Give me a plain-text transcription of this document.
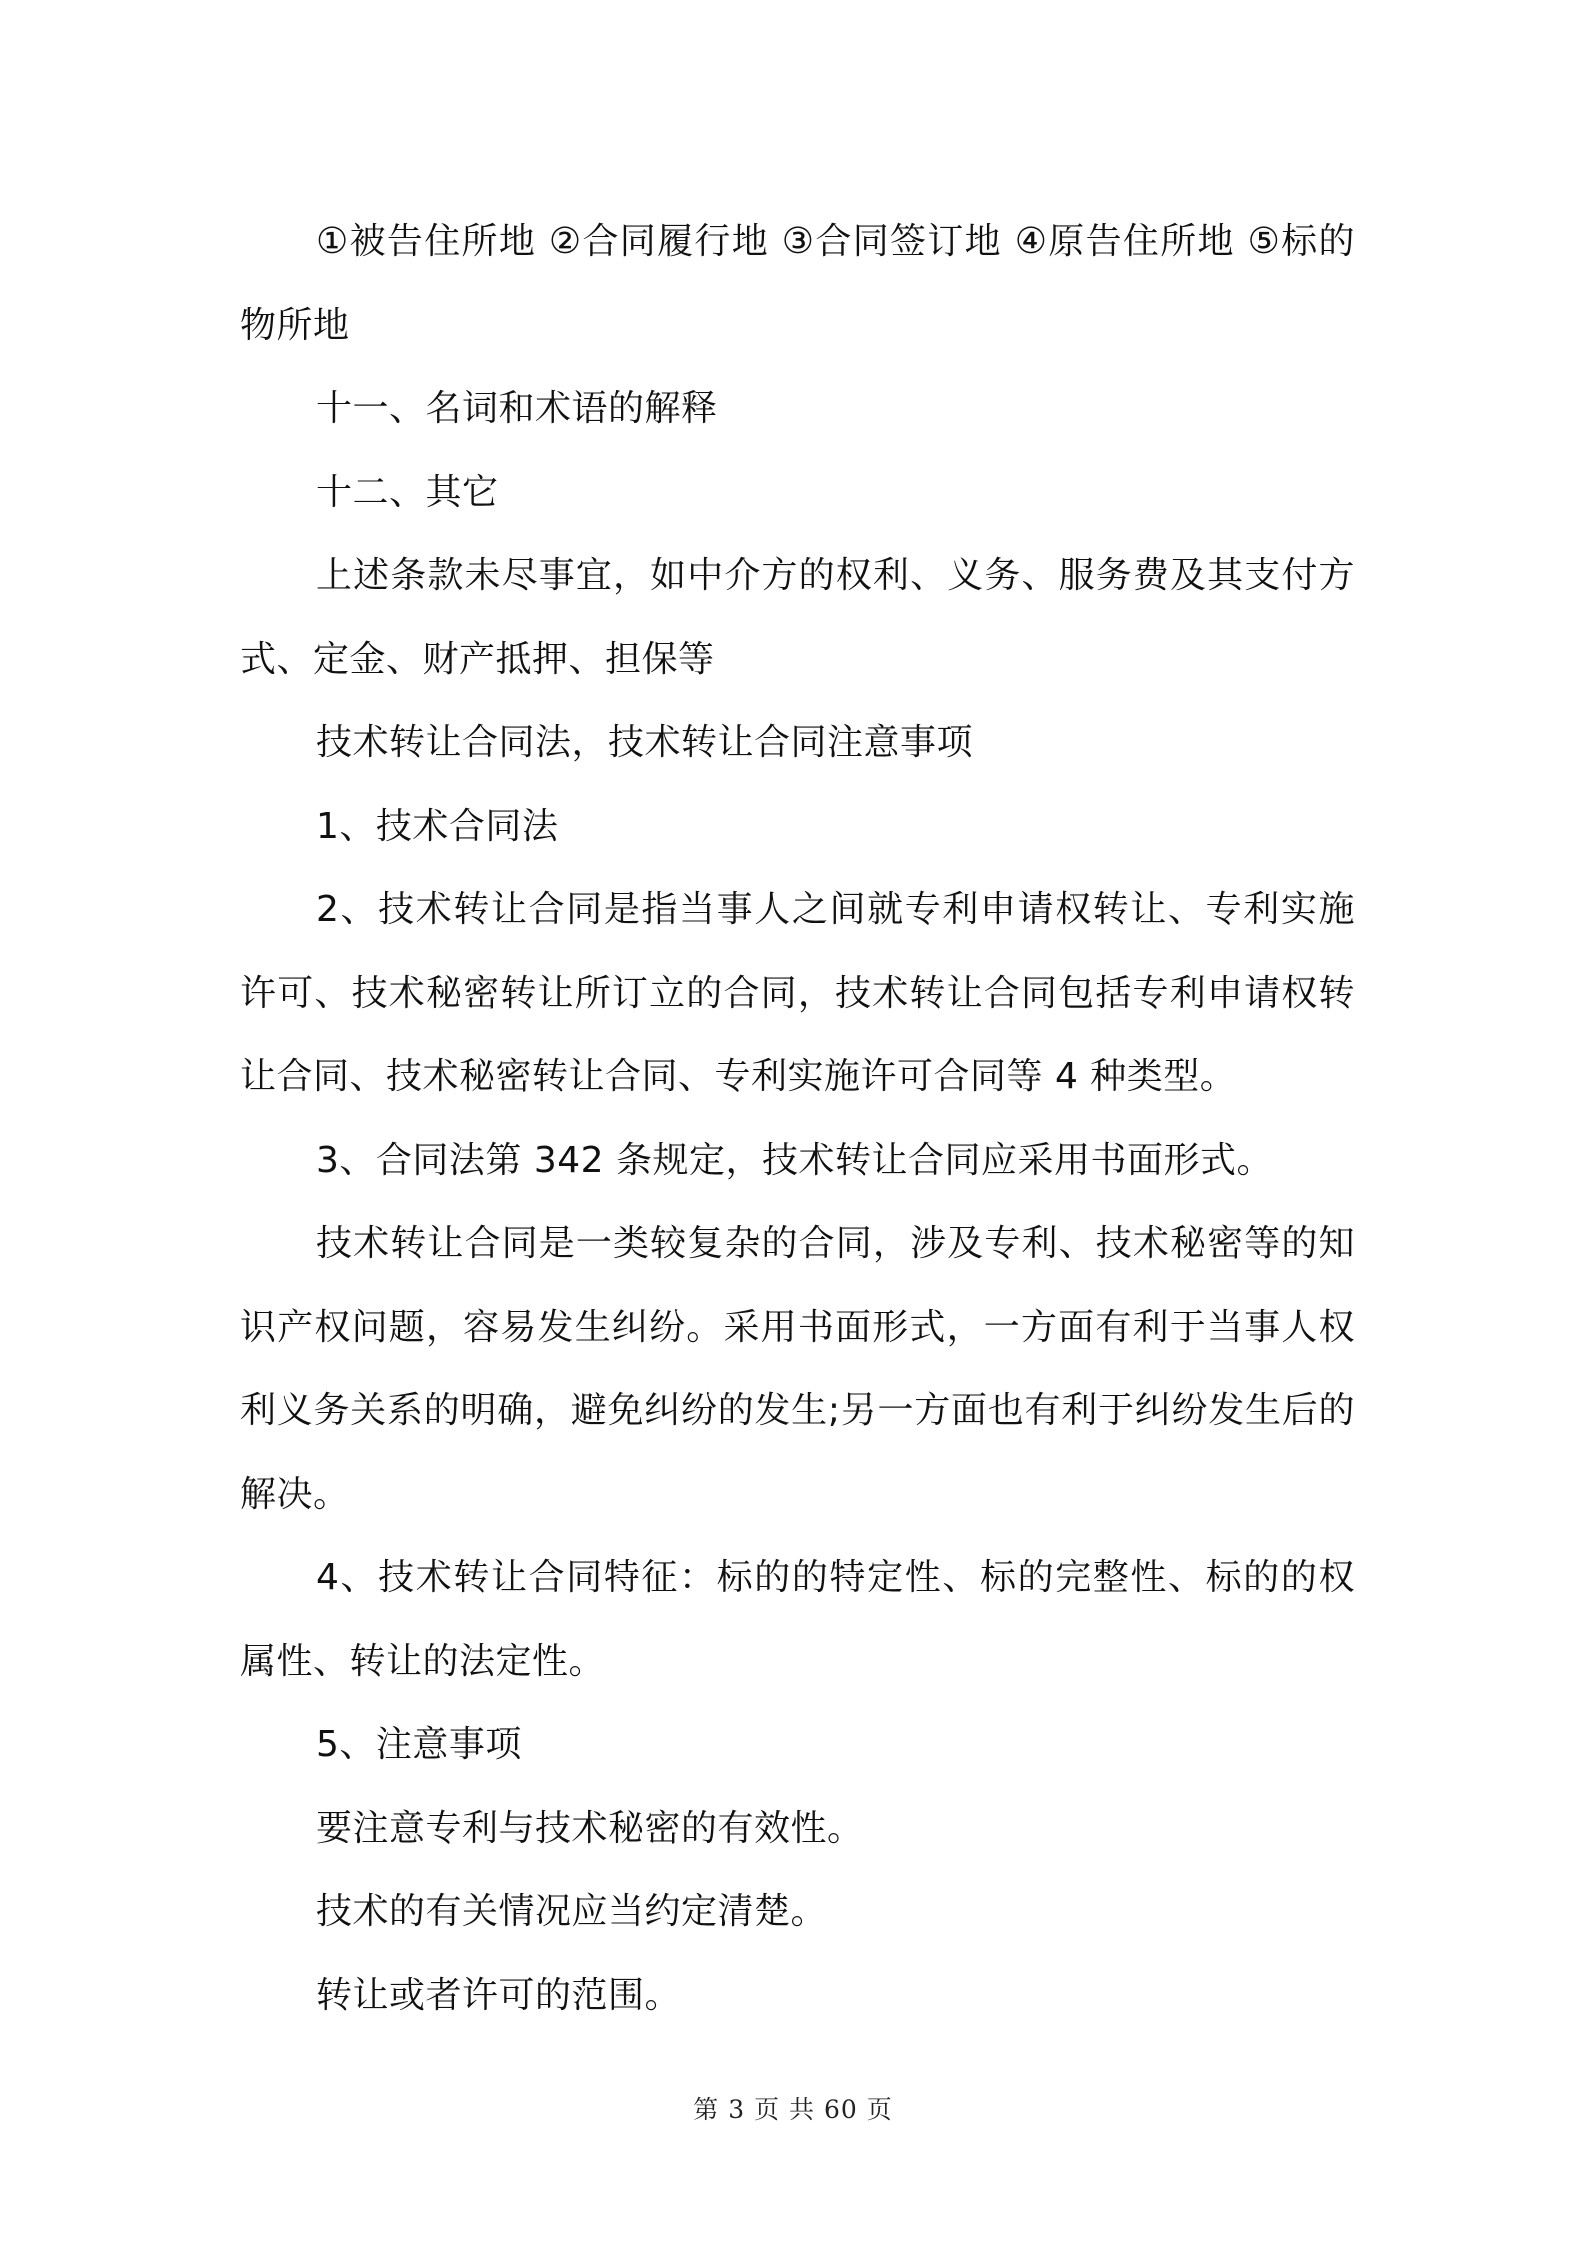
①被告住所地 ②合同履行地 ③合同签订地 ④原告住所地 ⑤标的物所地

十一、名词和术语的解释

十二、其它

上述条款未尽事宜，如中介方的权利、义务、服务费及其支付方式、定金、财产抵押、担保等

技术转让合同法，技术转让合同注意事项

1、技术合同法

2、技术转让合同是指当事人之间就专利申请权转让、专利实施许可、技术秘密转让所订立的合同，技术转让合同包括专利申请权转让合同、技术秘密转让合同、专利实施许可合同等 4 种类型。

3、合同法第 342 条规定，技术转让合同应采用书面形式。

技术转让合同是一类较复杂的合同，涉及专利、技术秘密等的知识产权问题，容易发生纠纷。采用书面形式，一方面有利于当事人权利义务关系的明确，避免纠纷的发生;另一方面也有利于纠纷发生后的解决。

4、技术转让合同特征：标的的特定性、标的完整性、标的的权属性、转让的法定性。

5、注意事项

要注意专利与技术秘密的有效性。

技术的有关情况应当约定清楚。

转让或者许可的范围。

第 3 页 共 60 页
